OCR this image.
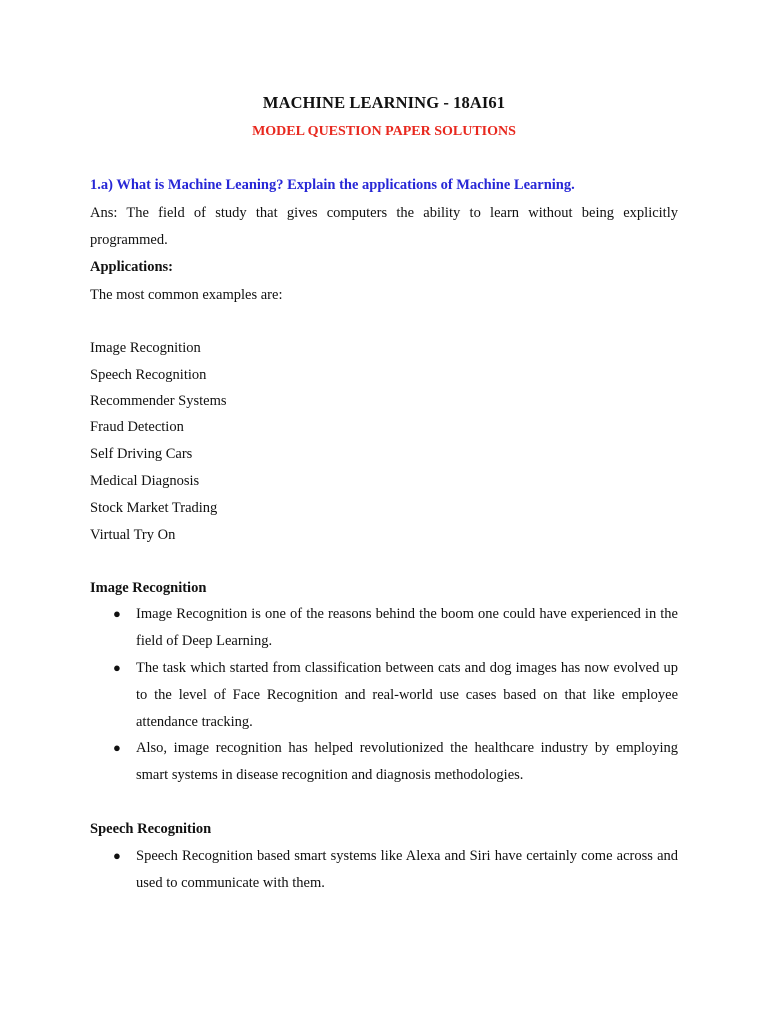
MACHINE LEARNING - 18AI61
MODEL QUESTION PAPER SOLUTIONS
1.a) What is Machine Leaning? Explain the applications of Machine Learning.
Ans: The field of study that gives computers the ability to learn without being explicitly programmed.
Applications:
The most common examples are:
Image Recognition
Speech Recognition
Recommender Systems
Fraud Detection
Self Driving Cars
Medical Diagnosis
Stock Market Trading
Virtual Try On
Image Recognition
● Image Recognition is one of the reasons behind the boom one could have experienced in the field of Deep Learning.
● The task which started from classification between cats and dog images has now evolved up to the level of Face Recognition and real-world use cases based on that like employee attendance tracking.
● Also, image recognition has helped revolutionized the healthcare industry by employing smart systems in disease recognition and diagnosis methodologies.
Speech Recognition
● Speech Recognition based smart systems like Alexa and Siri have certainly come across and used to communicate with them.
